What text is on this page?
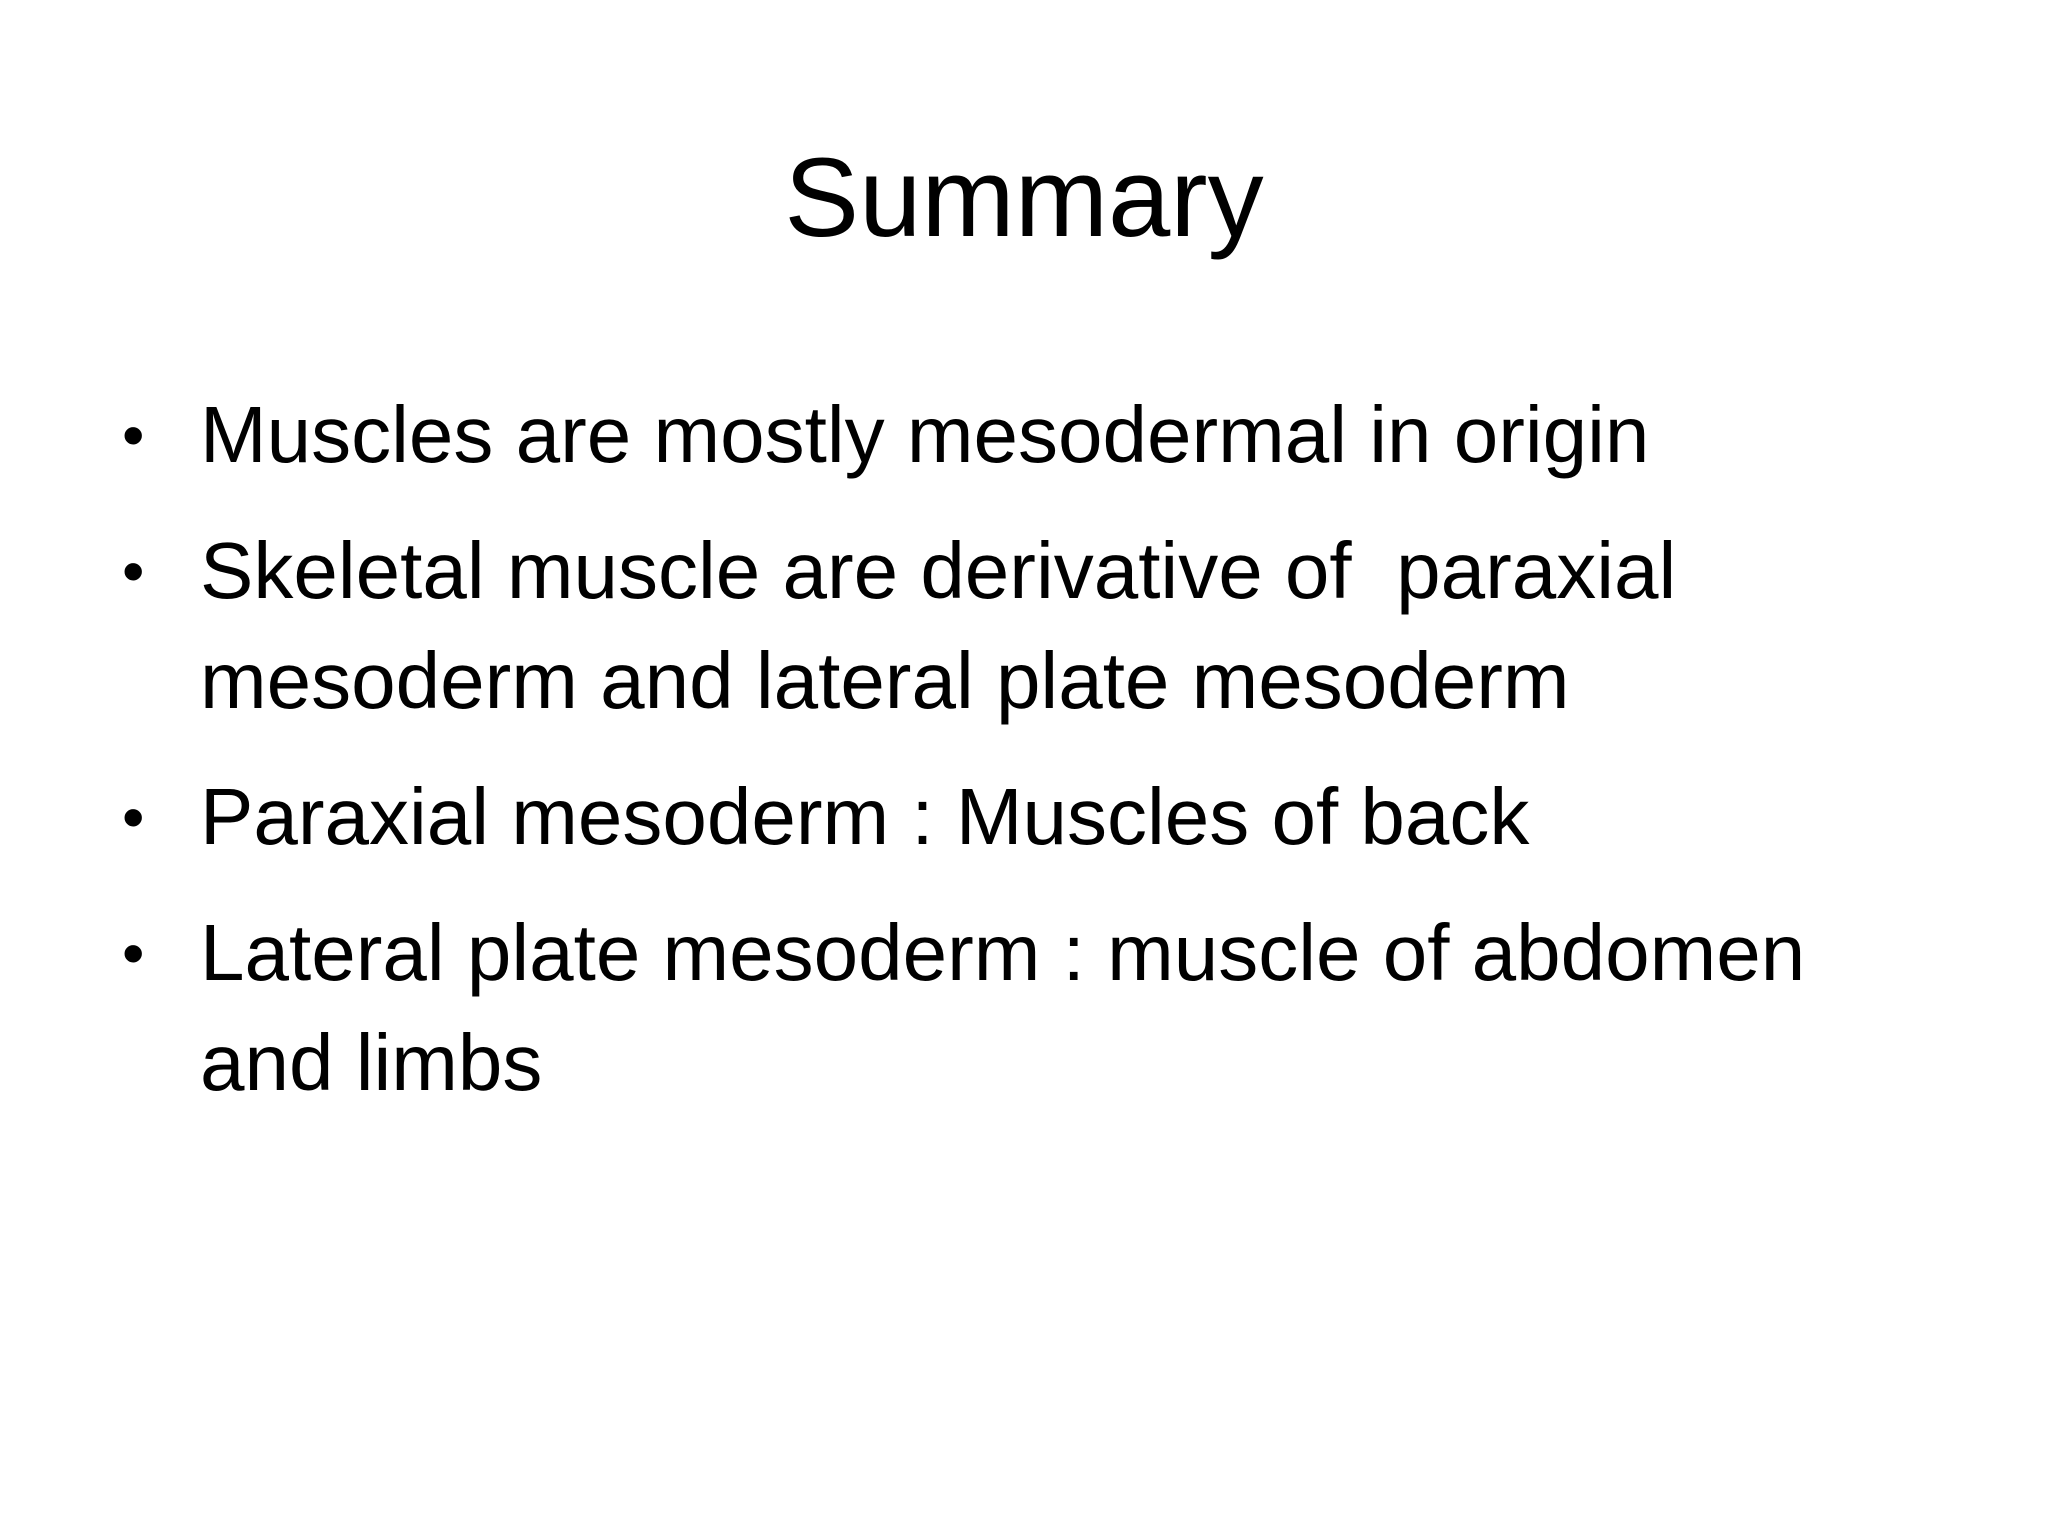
Summary
• Muscles are mostly mesodermal in origin
• Skeletal muscle are derivative of  paraxial mesoderm and lateral plate mesoderm
• Paraxial mesoderm : Muscles of back
• Lateral plate mesoderm : muscle of abdomen and limbs
